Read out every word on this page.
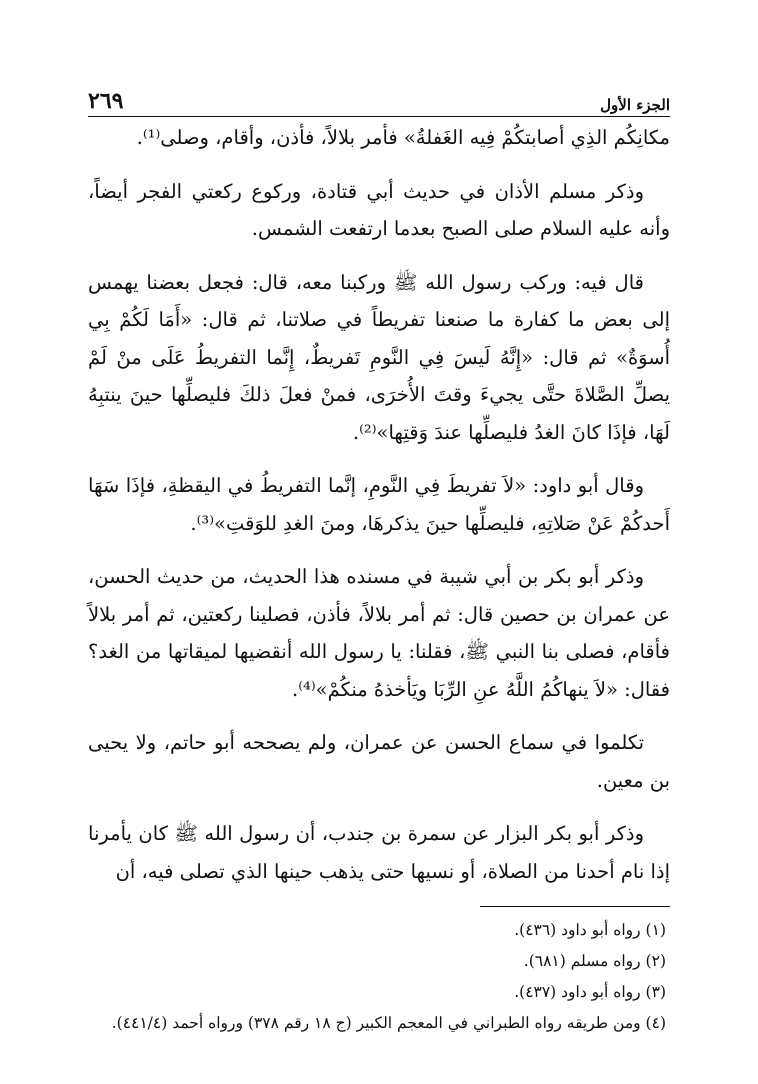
الجزء الأول
٢٦٩

مكانِكُم الذِي أصابتكُمْ فِيه الغَفلةُ» فأمر بلالاً، فأذن، وأقام، وصلى⁽¹⁾.

وذكر مسلم الأذان في حديث أبي قتادة، وركوع ركعتي الفجر أيضاً، وأنه عليه السلام صلى الصبح بعدما ارتفعت الشمس.

قال فيه: وركب رسول الله ﷺ وركبنا معه، قال: فجعل بعضنا يهمس إلى بعض ما كفارة ما صنعنا تفريطاً في صلاتنا، ثم قال: «أَمَا لَكُمْ بِي أُسوَةٌ» ثم قال: «إِنَّهُ لَيسَ فِي النَّومِ تَفريطٌ، إِنَّما التفريطُ عَلَى منْ لَمْ يصلِّ الصَّلاةَ حتَّى يجيءَ وقتَ الأُخرَى، فمنْ فعلَ ذلكَ فليصلِّها حينَ ينتبِهُ لَهَا، فإذَا كانَ الغدُ فليصلِّها عندَ وَقتِها»⁽²⁾.

وقال أبو داود: «لاَ تفريطَ فِي النَّومِ، إنَّما التفريطُ في اليقظةِ، فإذَا سَهَا أَحدكُمْ عَنْ صَلاتِهِ، فليصلِّها حينَ يذكرهَا، ومنَ الغدِ للوَقتِ»⁽³⁾.

وذكر أبو بكر بن أبي شيبة في مسنده هذا الحديث، من حديث الحسن، عن عمران بن حصين قال: ثم أمر بلالاً، فأذن، فصلينا ركعتين، ثم أمر بلالاً فأقام، فصلى بنا النبي ﷺ، فقلنا: يا رسول الله أنقضيها لميقاتها من الغد؟ فقال: «لاَ ينهاكُمُ اللَّهُ عنِ الرِّبَا ويَأخذهُ منكُمْ»⁽⁴⁾.

تكلموا في سماع الحسن عن عمران، ولم يصححه أبو حاتم، ولا يحيى بن معين.

وذكر أبو بكر البزار عن سمرة بن جندب، أن رسول الله ﷺ كان يأمرنا إذا نام أحدنا من الصلاة، أو نسيها حتى يذهب حينها الذي تصلى فيه، أن

(١) رواه أبو داود (٤٣٦).

(٢) رواه مسلم (٦٨١).

(٣) رواه أبو داود (٤٣٧).

(٤) ومن طريقه رواه الطبراني في المعجم الكبير (ج ١٨ رقم ٣٧٨) ورواه أحمد (٤٤١/٤).
